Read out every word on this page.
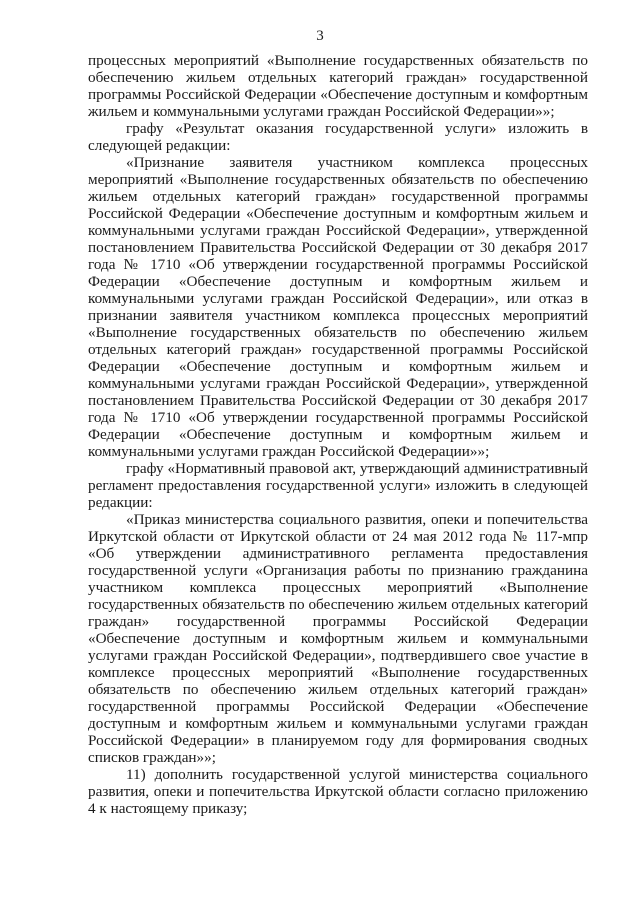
3

процессных мероприятий «Выполнение государственных обязательств по обеспечению жильем отдельных категорий граждан» государственной программы Российской Федерации «Обеспечение доступным и комфортным жильем и коммунальными услугами граждан Российской Федерации»»;

графу «Результат оказания государственной услуги» изложить в следующей редакции:

«Признание заявителя участником комплекса процессных мероприятий «Выполнение государственных обязательств по обеспечению жильем отдельных категорий граждан» государственной программы Российской Федерации «Обеспечение доступным и комфортным жильем и коммунальными услугами граждан Российской Федерации», утвержденной постановлением Правительства Российской Федерации от 30 декабря 2017 года № 1710 «Об утверждении государственной программы Российской Федерации «Обеспечение доступным и комфортным жильем и коммунальными услугами граждан Российской Федерации», или отказ в признании заявителя участником комплекса процессных мероприятий «Выполнение государственных обязательств по обеспечению жильем отдельных категорий граждан» государственной программы Российской Федерации «Обеспечение доступным и комфортным жильем и коммунальными услугами граждан Российской Федерации», утвержденной постановлением Правительства Российской Федерации от 30 декабря 2017 года № 1710 «Об утверждении государственной программы Российской Федерации «Обеспечение доступным и комфортным жильем и коммунальными услугами граждан Российской Федерации»»;

графу «Нормативный правовой акт, утверждающий административный регламент предоставления государственной услуги» изложить в следующей редакции:

«Приказ министерства социального развития, опеки и попечительства Иркутской области от Иркутской области от 24 мая 2012 года № 117-мпр «Об утверждении административного регламента предоставления государственной услуги «Организация работы по признанию гражданина участником комплекса процессных мероприятий «Выполнение государственных обязательств по обеспечению жильем отдельных категорий граждан» государственной программы Российской Федерации «Обеспечение доступным и комфортным жильем и коммунальными услугами граждан Российской Федерации», подтвердившего свое участие в комплексе процессных мероприятий «Выполнение государственных обязательств по обеспечению жильем отдельных категорий граждан» государственной программы Российской Федерации «Обеспечение доступным и комфортным жильем и коммунальными услугами граждан Российской Федерации» в планируемом году для формирования сводных списков граждан»»;

11) дополнить государственной услугой министерства социального развития, опеки и попечительства Иркутской области согласно приложению 4 к настоящему приказу;
